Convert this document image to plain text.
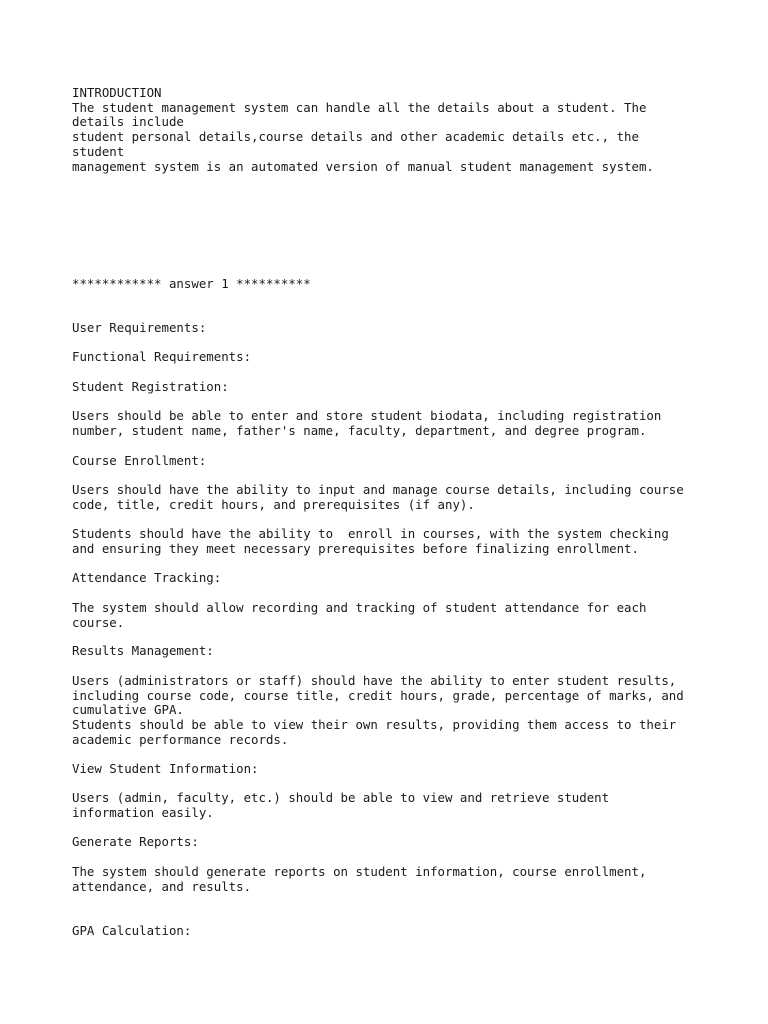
INTRODUCTION
The student management system can handle all the details about a student. The
details include
student personal details,course details and other academic details etc., the
student
management system is an automated version of manual student management system.
************ answer 1 **********
User Requirements:
Functional Requirements:
Student Registration:
Users should be able to enter and store student biodata, including registration
number, student name, father's name, faculty, department, and degree program.
Course Enrollment:
Users should have the ability to input and manage course details, including course
code, title, credit hours, and prerequisites (if any).
Students should have the ability to  enroll in courses, with the system checking
and ensuring they meet necessary prerequisites before finalizing enrollment.
Attendance Tracking:
The system should allow recording and tracking of student attendance for each
course.
Results Management:
Users (administrators or staff) should have the ability to enter student results,
including course code, course title, credit hours, grade, percentage of marks, and
cumulative GPA.
Students should be able to view their own results, providing them access to their
academic performance records.
View Student Information:
Users (admin, faculty, etc.) should be able to view and retrieve student
information easily.
Generate Reports:
The system should generate reports on student information, course enrollment,
attendance, and results.
GPA Calculation:
